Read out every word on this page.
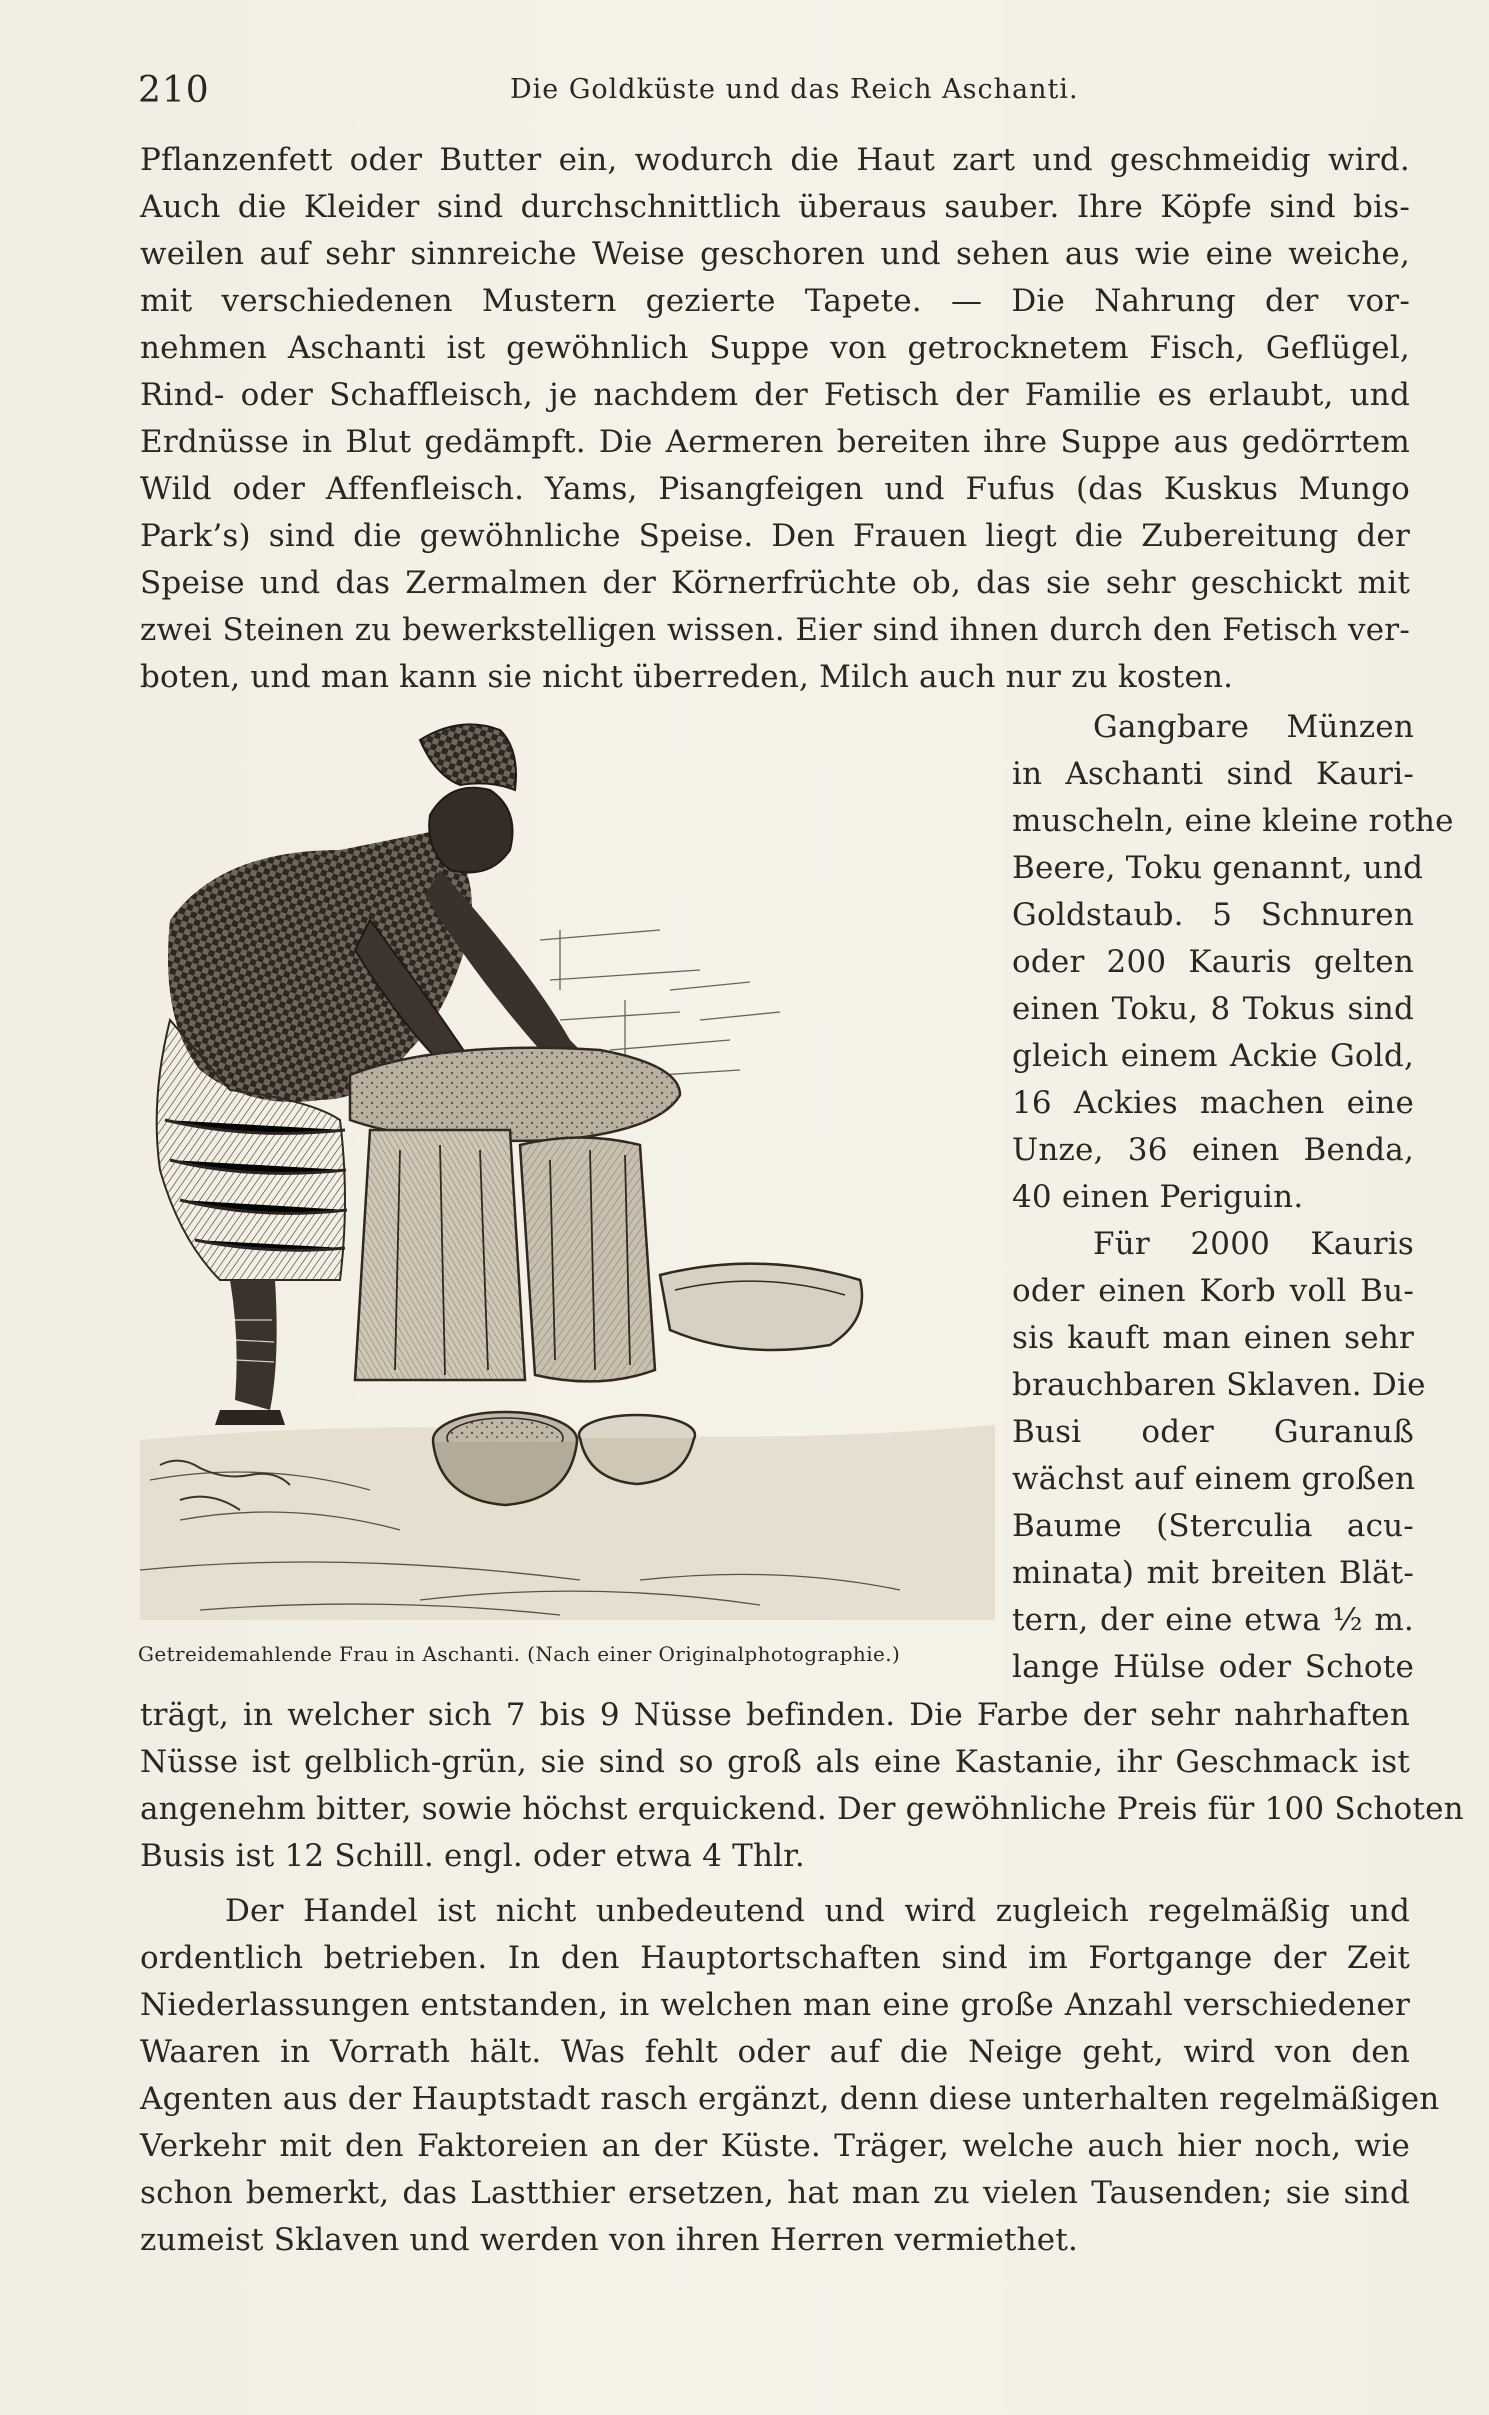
210	Die Goldküste und das Reich Aschanti.
Pflanzenfett oder Butter ein, wodurch die Haut zart und geschmeidig wird.
Auch die Kleider sind durchschnittlich überaus sauber. Ihre Köpfe sind bis-
weilen auf sehr sinnreiche Weise geschoren und sehen aus wie eine weiche,
mit verschiedenen Mustern gezierte Tapete. — Die Nahrung der vor-
nehmen Aschanti ist gewöhnlich Suppe von getrocknetem Fisch, Geflügel,
Rind- oder Schaffleisch, je nachdem der Fetisch der Familie es erlaubt, und
Erdnüsse in Blut gedämpft. Die Aermeren bereiten ihre Suppe aus gedörrtem
Wild oder Affenfleisch. Yams, Pisangfeigen und Fufus (das Kuskus Mungo
Park’s) sind die gewöhnliche Speise. Den Frauen liegt die Zubereitung der
Speise und das Zermalmen der Körnerfrüchte ob, das sie sehr geschickt mit
zwei Steinen zu bewerkstelligen wissen. Eier sind ihnen durch den Fetisch ver-
boten, und man kann sie nicht überreden, Milch auch nur zu kosten.
Gangbare Münzen
in Aschanti sind Kauri-
muscheln, eine kleine rothe
Beere, Toku genannt, und
Goldstaub. 5 Schnuren
oder 200 Kauris gelten
einen Toku, 8 Tokus sind
gleich einem Ackie Gold,
16 Ackies machen eine
Unze, 36 einen Benda,
40 einen Periguin.
Für 2000 Kauris
oder einen Korb voll Bu-
sis kauft man einen sehr
brauchbaren Sklaven. Die
Busi oder Guranuß
wächst auf einem großen
Baume (Sterculia acu-
minata) mit breiten Blät-
tern, der eine etwa ½ m.
lange Hülse oder Schote
Getreidemahlende Frau in Aschanti. (Nach einer Originalphotographie.)
trägt, in welcher sich 7 bis 9 Nüsse befinden. Die Farbe der sehr nahrhaften
Nüsse ist gelblich-grün, sie sind so groß als eine Kastanie, ihr Geschmack ist
angenehm bitter, sowie höchst erquickend. Der gewöhnliche Preis für 100 Schoten
Busis ist 12 Schill. engl. oder etwa 4 Thlr.
Der Handel ist nicht unbedeutend und wird zugleich regelmäßig und
ordentlich betrieben. In den Hauptortschaften sind im Fortgange der Zeit
Niederlassungen entstanden, in welchen man eine große Anzahl verschiedener
Waaren in Vorrath hält. Was fehlt oder auf die Neige geht, wird von den
Agenten aus der Hauptstadt rasch ergänzt, denn diese unterhalten regelmäßigen
Verkehr mit den Faktoreien an der Küste. Träger, welche auch hier noch, wie
schon bemerkt, das Lastthier ersetzen, hat man zu vielen Tausenden; sie sind
zumeist Sklaven und werden von ihren Herren vermiethet.
